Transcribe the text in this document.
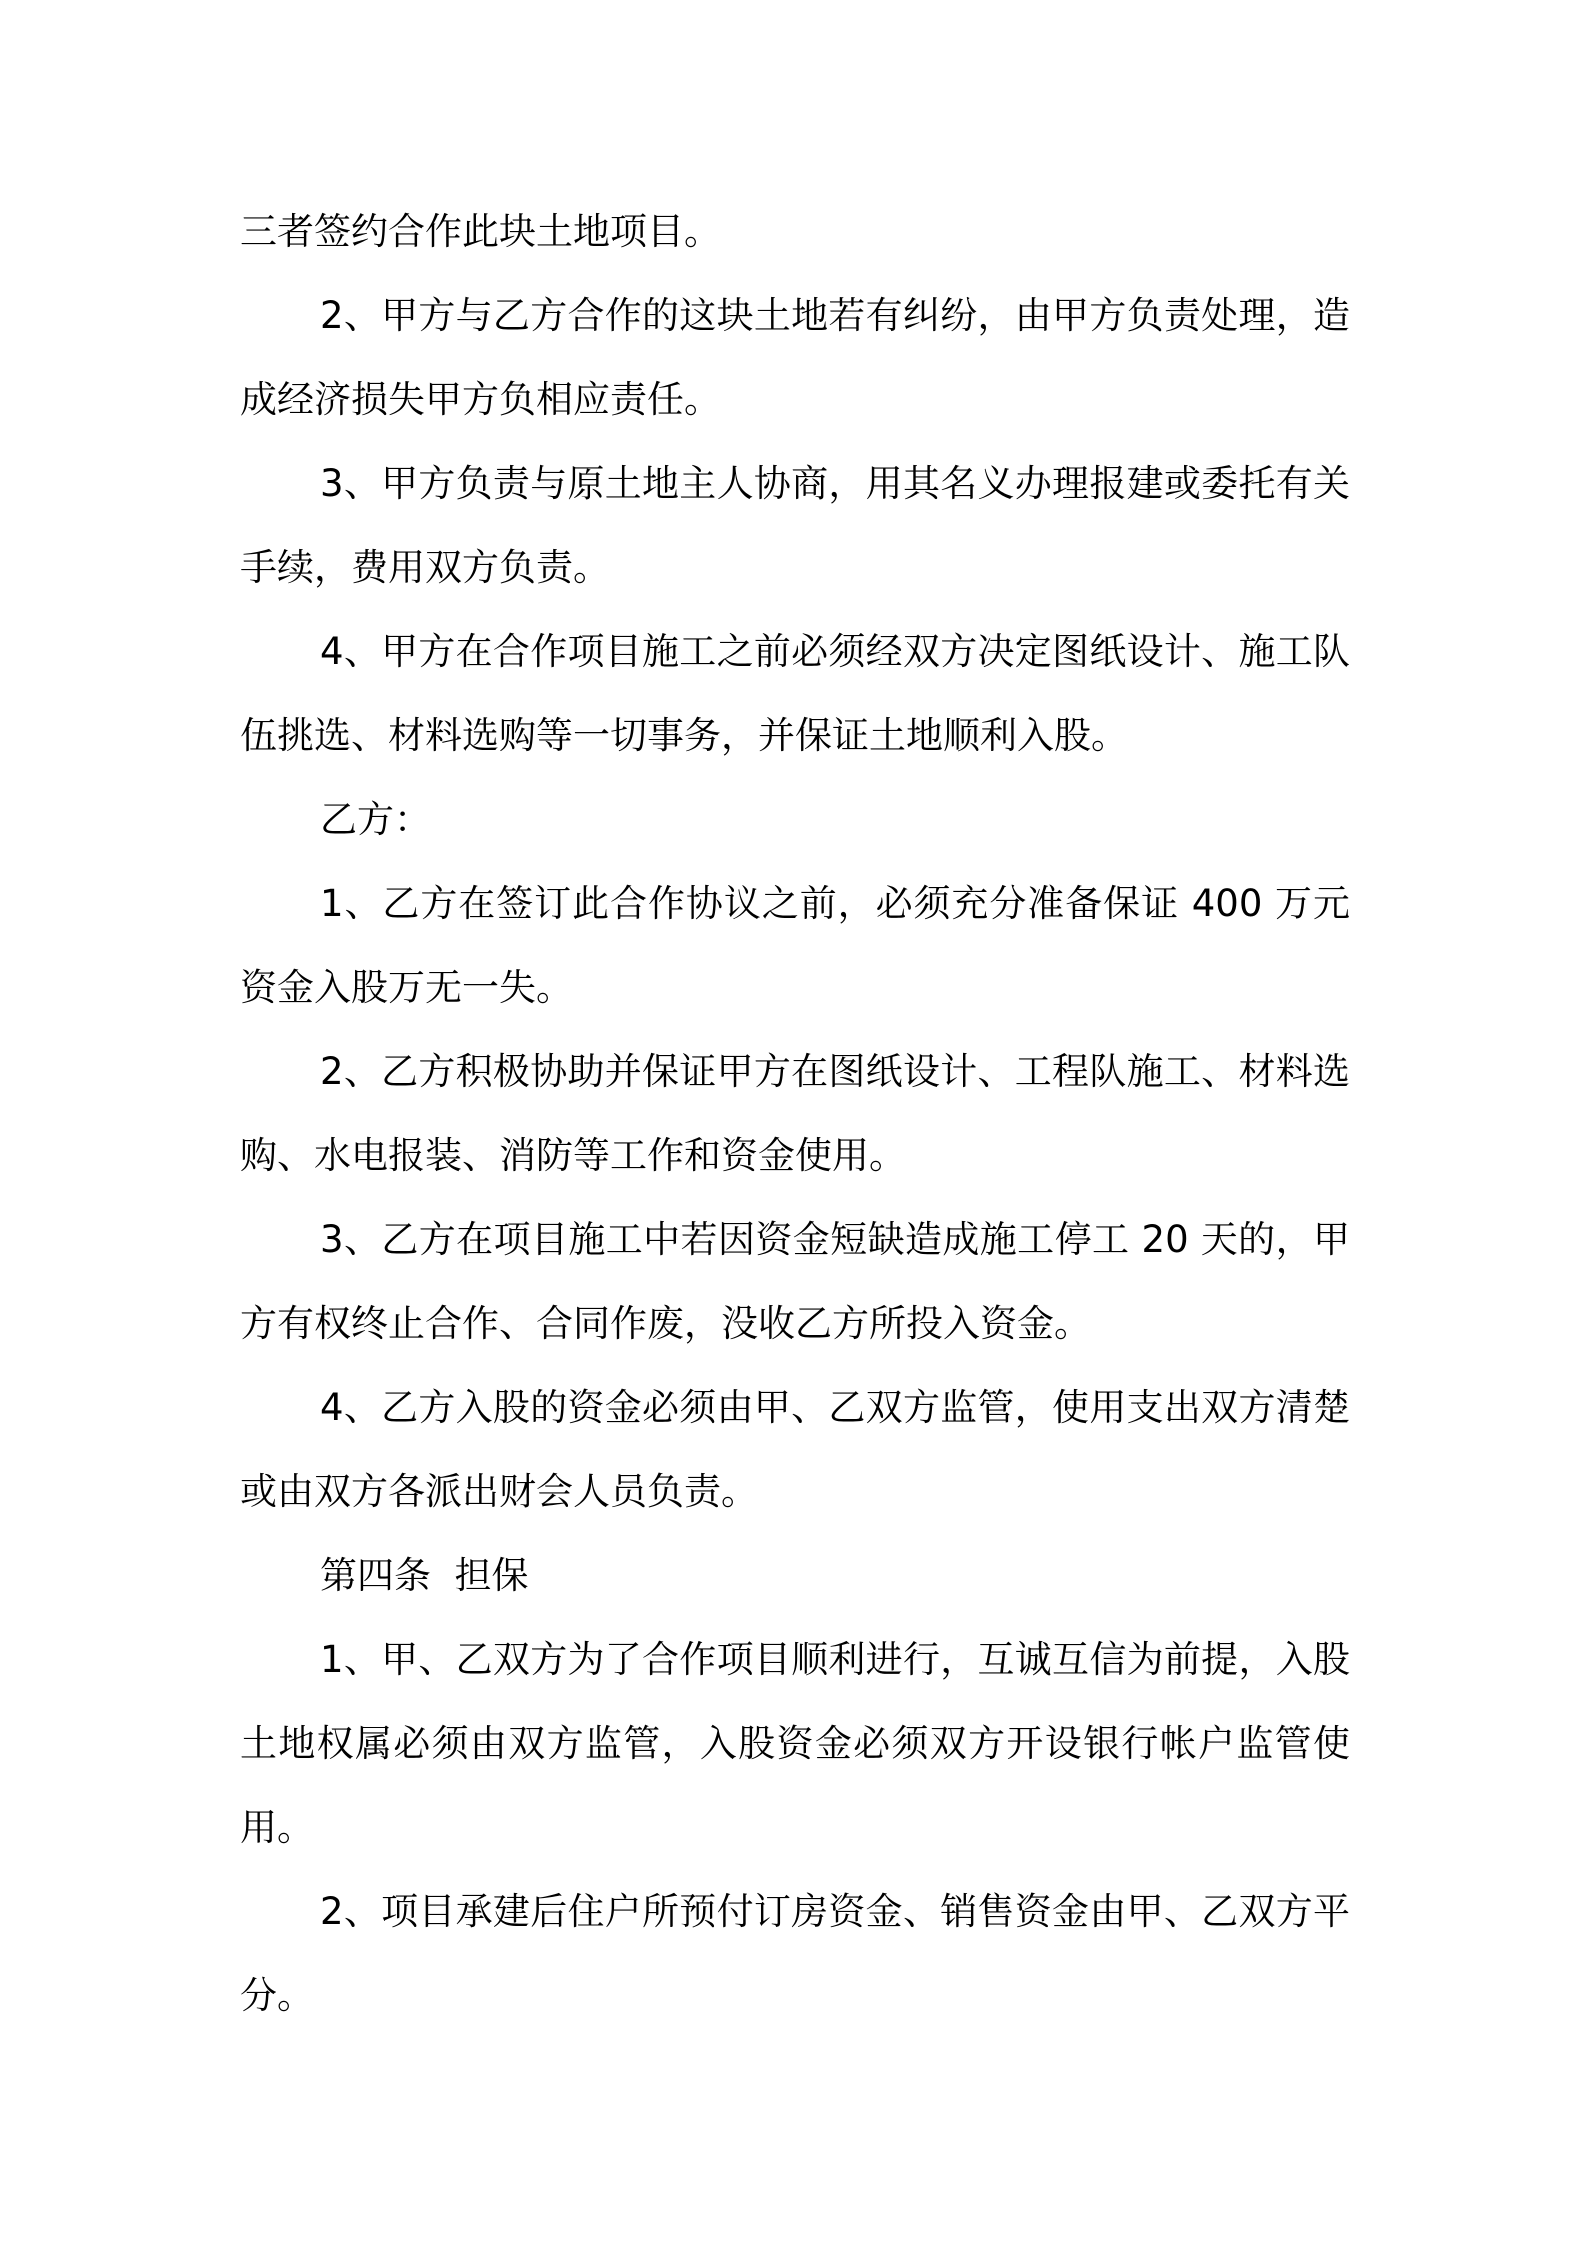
三者签约合作此块土地项目。

2、甲方与乙方合作的这块土地若有纠纷，由甲方负责处理，造成经济损失甲方负相应责任。

3、甲方负责与原土地主人协商，用其名义办理报建或委托有关手续，费用双方负责。

4、甲方在合作项目施工之前必须经双方决定图纸设计、施工队伍挑选、材料选购等一切事务，并保证土地顺利入股。

乙方：

1、乙方在签订此合作协议之前，必须充分准备保证 400 万元资金入股万无一失。

2、乙方积极协助并保证甲方在图纸设计、工程队施工、材料选购、水电报装、消防等工作和资金使用。

3、乙方在项目施工中若因资金短缺造成施工停工 20 天的，甲方有权终止合作、合同作废，没收乙方所投入资金。

4、乙方入股的资金必须由甲、乙双方监管，使用支出双方清楚或由双方各派出财会人员负责。

第四条  担保

1、甲、乙双方为了合作项目顺利进行，互诚互信为前提，入股土地权属必须由双方监管，入股资金必须双方开设银行帐户监管使用。

2、项目承建后住户所预付订房资金、销售资金由甲、乙双方平分。
